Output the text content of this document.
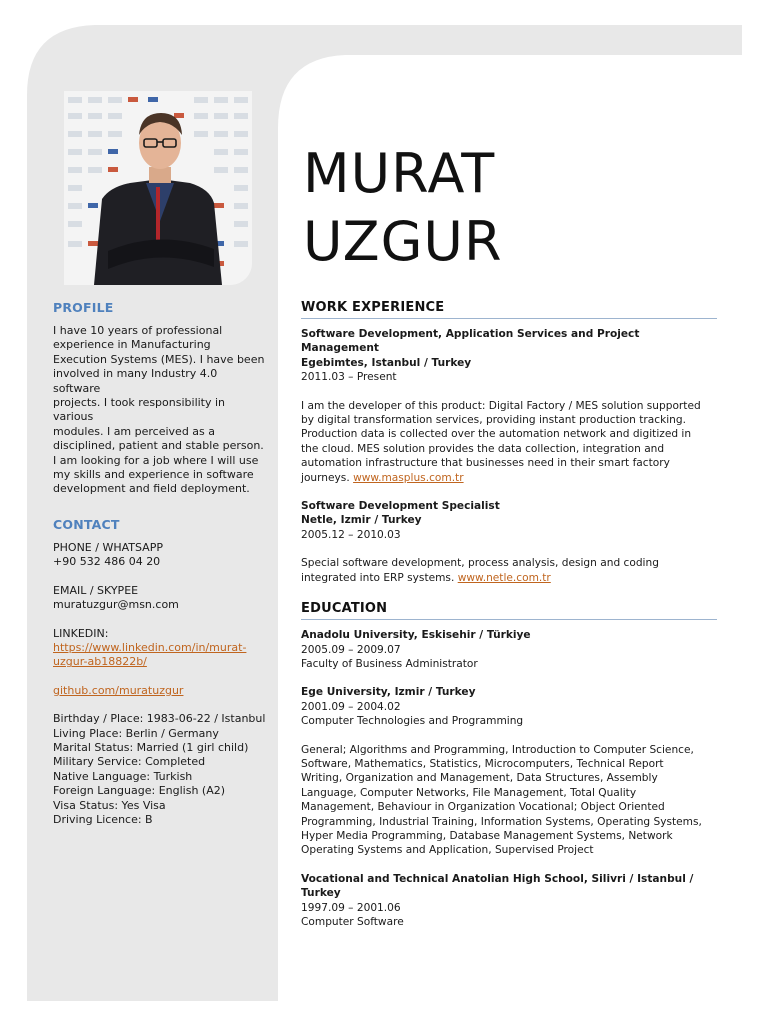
PROFILE

I have 10 years of professional

experience in Manufacturing

Execution Systems (MES). I have been

involved in many Industry 4.0 software

projects. I took responsibility in various

modules. I am perceived as a

disciplined, patient and stable person.

I am looking for a job where I will use

my skills and experience in software

development and field deployment.

CONTACT

PHONE / WHATSAPP

+90 532 486 04 20

EMAIL / SKYPEE

muratuzgur@msn.com

LINKEDIN:

https://www.linkedin.com/in/murat-

uzgur-ab18822b/

github.com/muratuzgur

Birthday / Place: 1983-06-22 / Istanbul

Living Place: Berlin / Germany

Marital Status: Married (1 girl child)

Military Service: Completed

Native Language: Turkish

Foreign Language: English (A2)

Visa Status: Yes Visa

Driving Licence: B

MURAT
UZGUR
WORK EXPERIENCE

Software Development, Application Services and Project Management

Egebimtes, Istanbul / Turkey

2011.03 – Present

I am the developer of this product: Digital Factory / MES solution supported

by digital transformation services, providing instant production tracking.

Production data is collected over the automation network and digitized in

the cloud. MES solution provides the data collection, integration and

automation infrastructure that businesses need in their smart factory

journeys. www.masplus.com.tr

Software Development Specialist

Netle, Izmir / Turkey

2005.12 – 2010.03

Special software development, process analysis, design and coding

integrated into ERP systems. www.netle.com.tr

EDUCATION

Anadolu University, Eskisehir / Türkiye

2005.09 – 2009.07

Faculty of Business Administrator

Ege University, Izmir / Turkey

2001.09 – 2004.02

Computer Technologies and Programming

General; Algorithms and Programming, Introduction to Computer Science,

Software, Mathematics, Statistics, Microcomputers, Technical Report

Writing, Organization and Management, Data Structures, Assembly

Language, Computer Networks, File Management, Total Quality

Management, Behaviour in Organization Vocational; Object Oriented

Programming, Industrial Training, Information Systems, Operating Systems,

Hyper Media Programming, Database Management Systems, Network

Operating Systems and Application, Supervised Project

Vocational and Technical Anatolian High School, Silivri / Istanbul / Turkey

1997.09 – 2001.06

Computer Software
